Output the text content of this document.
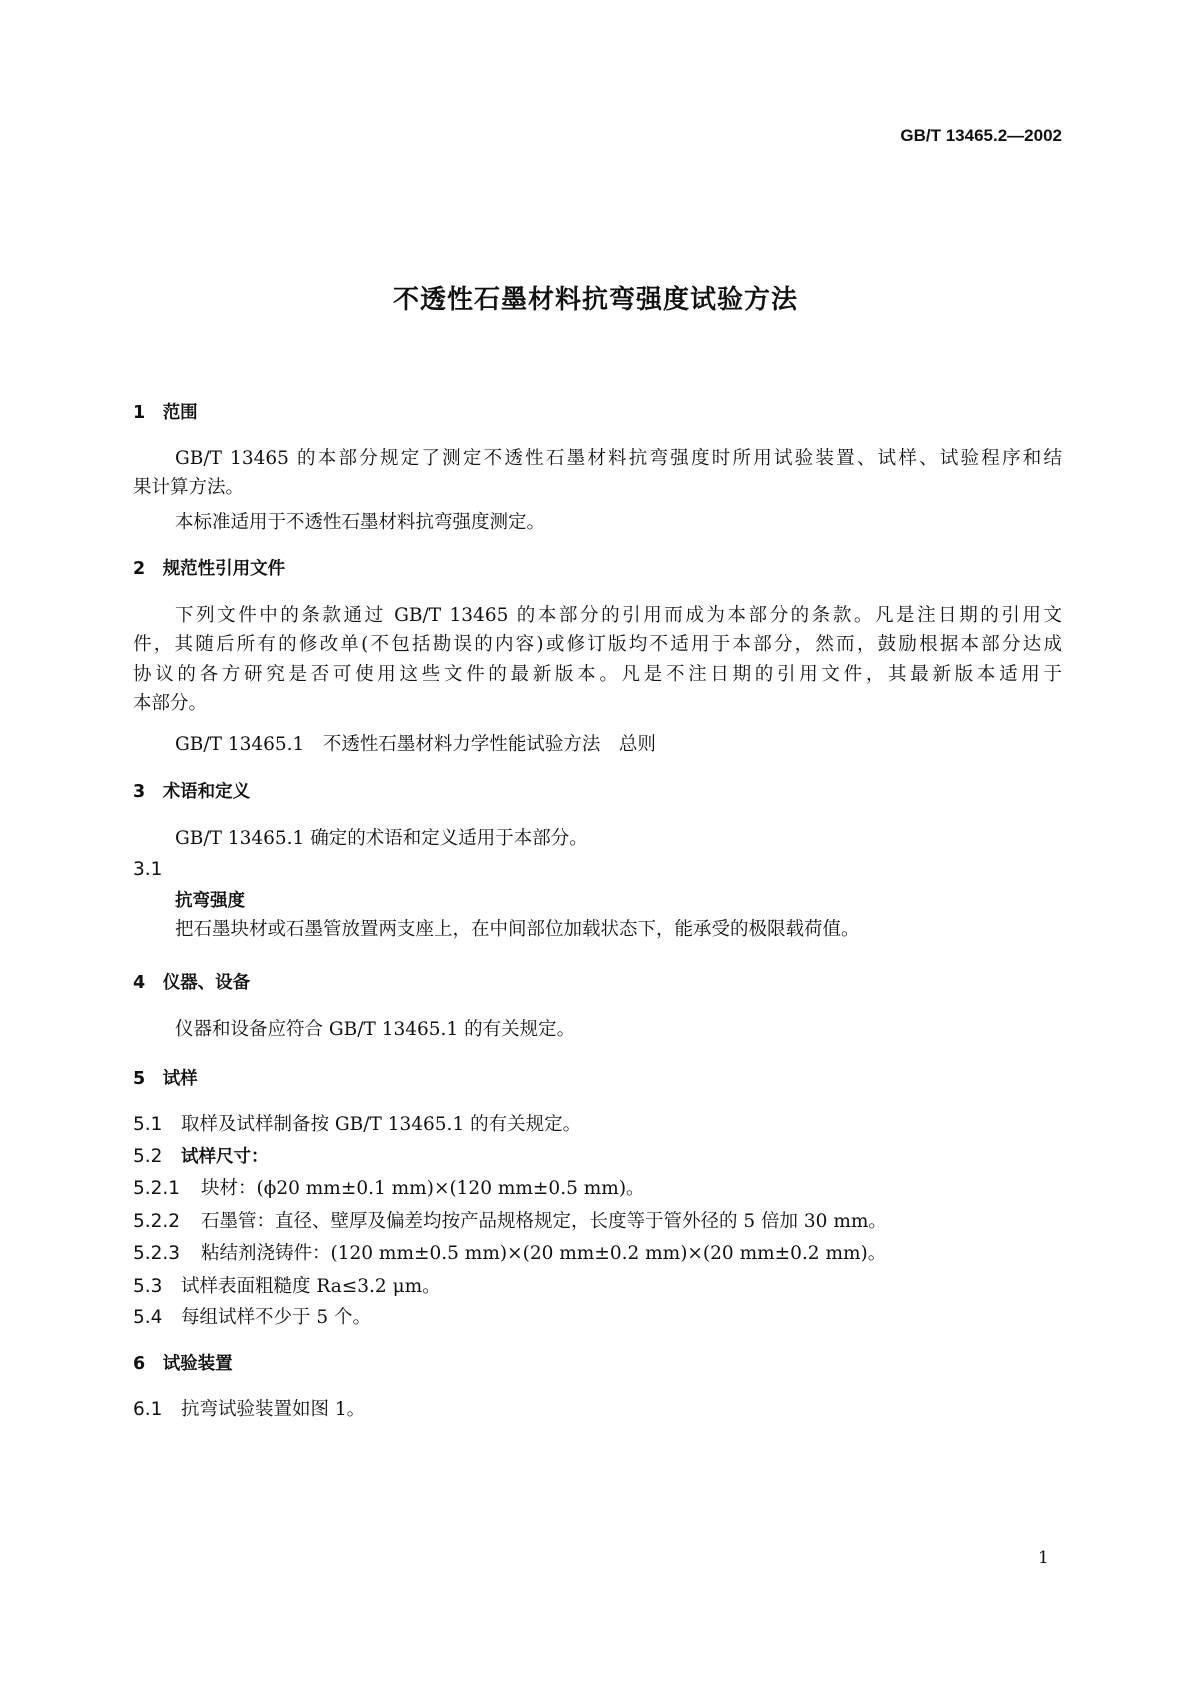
GB/T 13465.2—2002
不透性石墨材料抗弯强度试验方法
1　 范围
GB/T 13465 的本部分规定了测定不透性石墨材料抗弯强度时所用试验装置、试样、试验程序和结
果计算方法。
本标准适用于不透性石墨材料抗弯强度测定。
2　 规范性引用文件
下列文件中的条款通过 GB/T 13465 的本部分的引用而成为本部分的条款。凡是注日期的引用文
件，其随后所有的修改单(不包括勘误的内容)或修订版均不适用于本部分，然而，鼓励根据本部分达成
协议的各方研究是否可使用这些文件的最新版本。凡是不注日期的引用文件，其最新版本适用于
本部分。
GB/T 13465.1　不透性石墨材料力学性能试验方法　总则
3　 术语和定义
GB/T 13465.1 确定的术语和定义适用于本部分。
3.1
抗弯强度
把石墨块材或石墨管放置两支座上，在中间部位加载状态下，能承受的极限载荷值。
4　 仪器、设备
仪器和设备应符合 GB/T 13465.1 的有关规定。
5　 试样
5.1 取样及试样制备按 GB/T 13465.1 的有关规定。
5.2 试样尺寸：
5.2.1 块材：(ϕ20 mm±0.1 mm)×(120 mm±0.5 mm)。
5.2.2 石墨管：直径、壁厚及偏差均按产品规格规定，长度等于管外径的 5 倍加 30 mm。
5.2.3 粘结剂浇铸件：(120 mm±0.5 mm)×(20 mm±0.2 mm)×(20 mm±0.2 mm)。
5.3 试样表面粗糙度 Ra≤3.2 μm。
5.4 每组试样不少于 5 个。
6　 试验装置
6.1 抗弯试验装置如图 1。
1
